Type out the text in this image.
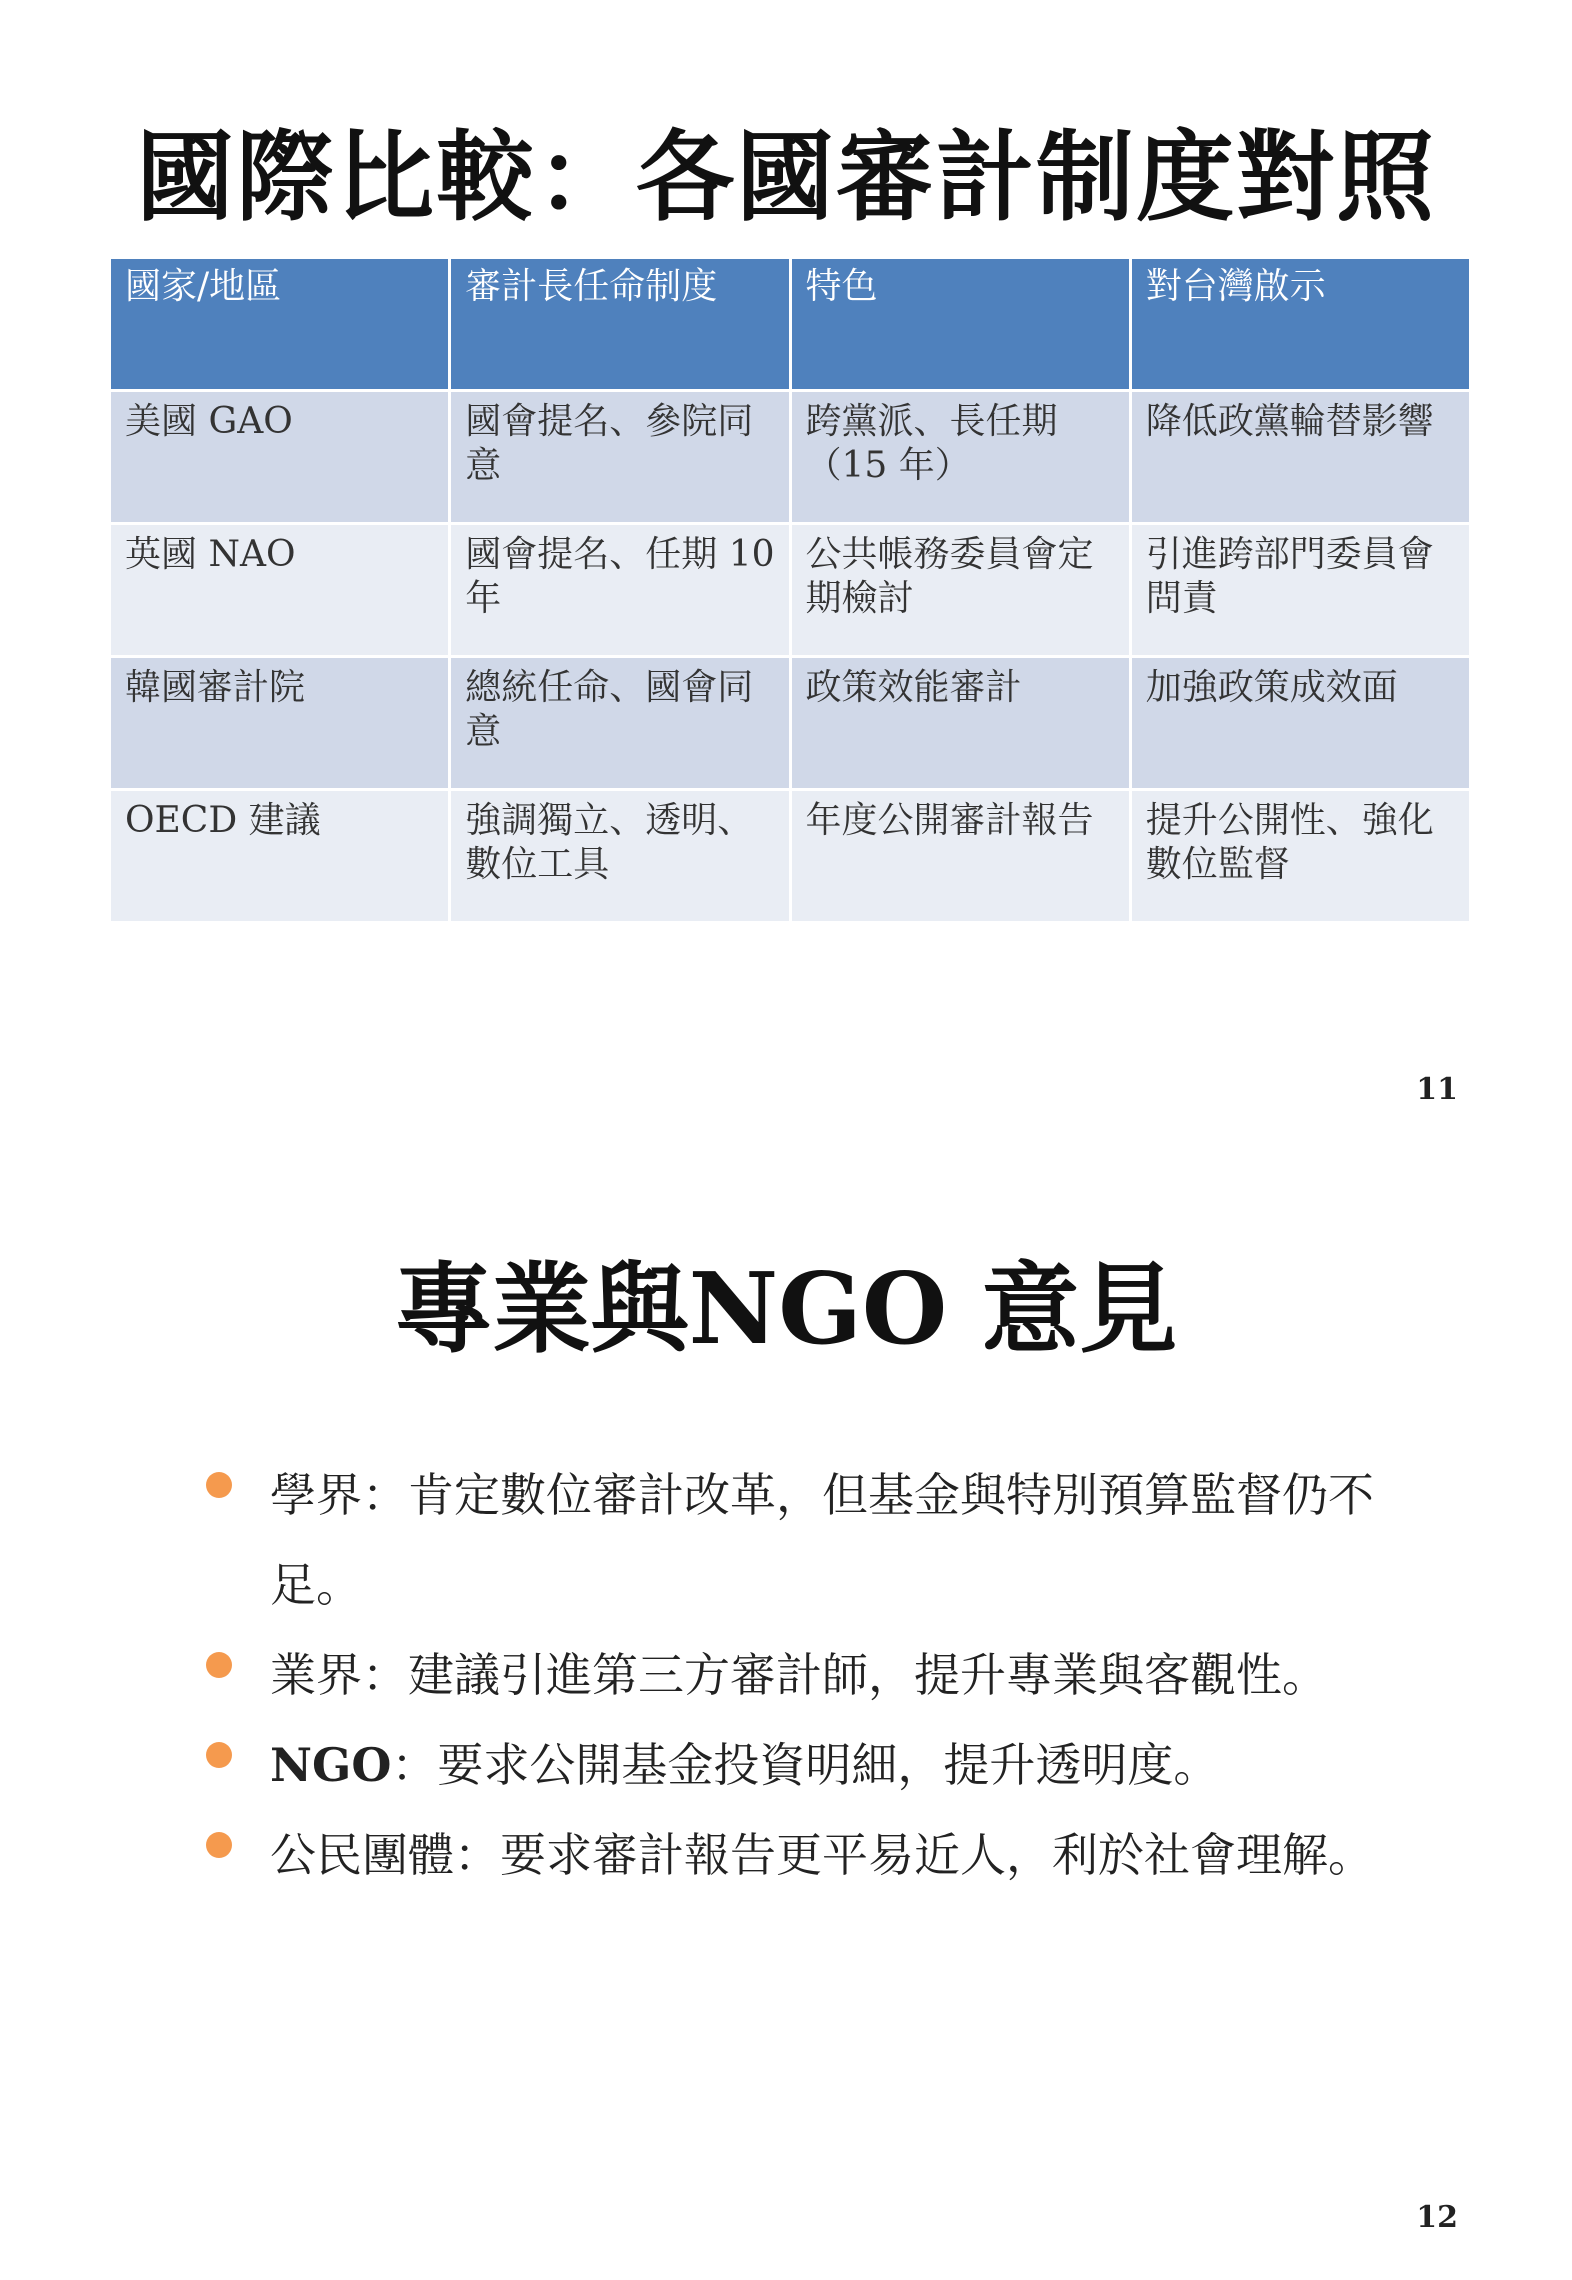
國際比較：各國審計制度對照
國家/地區	審計長任命制度	特色	對台灣啟示
美國 GAO	國會提名、參院同意	跨黨派、長任期（15 年）	降低政黨輪替影響
英國 NAO	國會提名、任期 10 年	公共帳務委員會定期檢討	引進跨部門委員會問責
韓國審計院	總統任命、國會同意	政策效能審計	加強政策成效面
OECD 建議	強調獨立、透明、數位工具	年度公開審計報告	提升公開性、強化數位監督
11
專業與NGO 意見
學界：肯定數位審計改革，但基金與特別預算監督仍不足。
業界：建議引進第三方審計師，提升專業與客觀性。
NGO：要求公開基金投資明細，提升透明度。
公民團體：要求審計報告更平易近人，利於社會理解。
12
